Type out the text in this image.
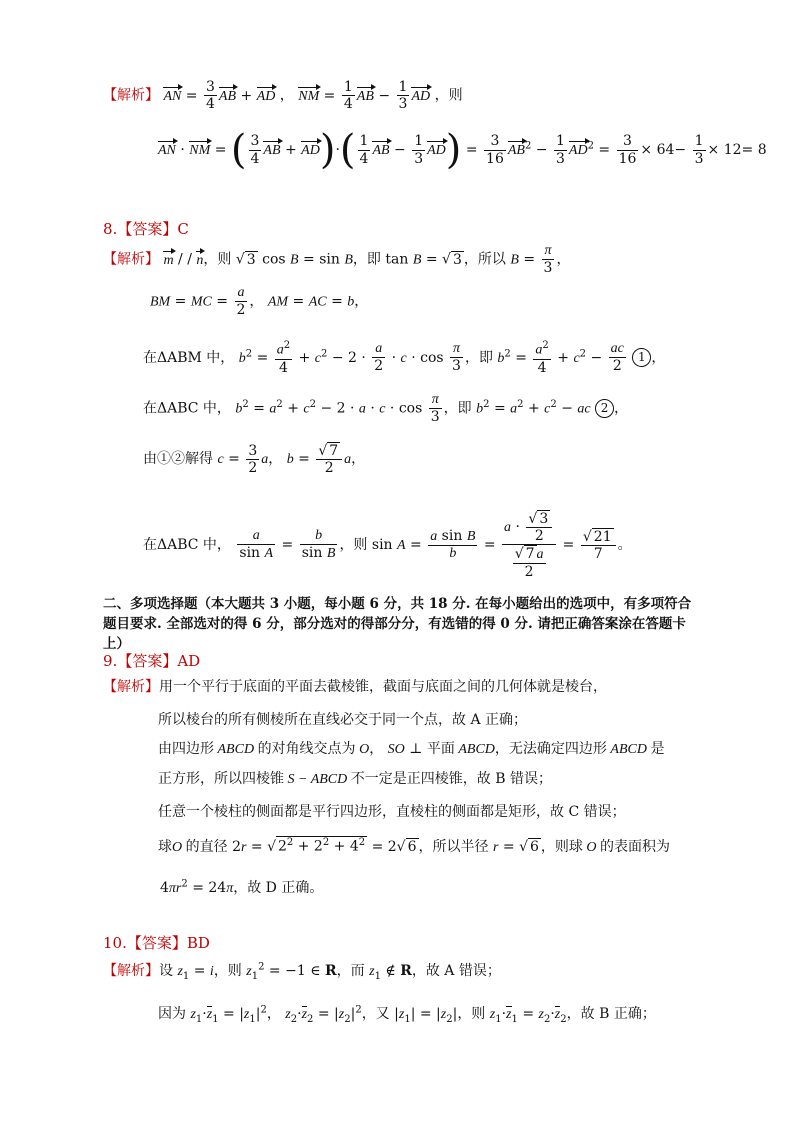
【解析】 AN = $\frac{3}{4}$ AB + AD ， NM = $\frac{1}{4}$ AB − $\frac{1}{3}$ AD ，则
AN · NM = ( $\frac{3}{4}$ AB + $AD)\cdot( \frac{1}{4}$ AB − $\frac{1}{3} AD) = \frac{3}{16} AB^2 - \frac{1}{3} AD^2 = \frac{3}{16} \times 64- \frac{1}{3} \times 12= 8$
8.【答案】C
【解析】 m / / n，则 √ 3 cos B = sin B，即 tan B = √ 3 ，所以 $B = \frac{\pi}{3}$ ，
BM = MC = $\frac{a}{2}$ ， AM = AC = b，
在ΔABM 中， $b^2 = \frac{a^2}{4} + c^2 - 2 \cdot \frac{a}{2} \cdot c \cdot \cos \frac{\pi}{3}$ ，即 $b^2 = \frac{a^2}{4} + c^2 - \frac{ac}{2} 1$ ，
在ΔABC 中， $b^2 = a^2 + c^2 - 2 \cdot a \cdot c \cdot \cos \frac{\pi}{3}$ ，即 $b^2 = a^2 + c^2$ − ac 2 ，
由①②解得 $c = \frac{3}{2}$ a， $b = \frac{√ 7}{2}$ a，
在ΔABC 中， $\frac{a}{\text{sin A}} = \frac{b}{\text{sin B}}$ ，则 $\sin A = \frac{\text{a sin B}}{b} = \frac{a \cdot \frac{√ 3}{2}}{\frac{√ 7 a}{2}} = \frac{√ 21}{7}$ 。
二、多项选择题（本大题共 3 小题，每小题 6 分，共 18 分. 在每小题给出的选项中，有多项符合题目要求. 全部选对的得 6 分，部分选对的得部分分，有选错的得 0 分. 请把正确答案涂在答题卡上）
9.【答案】AD
【解析】用一个平行于底面的平面去截棱锥，截面与底面之间的几何体就是棱台，
所以棱台的所有侧棱所在直线必交于同一个点，故 A 正确；
由四边形 ABCD 的对角线交点为 O， SO ⊥ 平面 ABCD，无法确定四边形 ABCD 是
正方形，所以四棱锥 S − ABCD 不一定是正四棱锥，故 B 错误；
任意一个棱柱的侧面都是平行四边形，直棱柱的侧面都是矩形，故 C 错误；
球O 的直径 2r = √ $2^2 + 2^2 + 4^2 = 2√$ 6 ，所以半径 r = √ 6 ，则球 O 的表面积为
$4\pi r^2 = 24\pi$，故 D 正确。
10.【答案】BD
【解析】设 $z_1 = i$，则 $z_1^2 = -1$ ∈ R，而 $z_1$ ∉ R，故 A 错误；
因为 $z_1\cdot z_1 = |z_1|^2$， $z_2\cdot z_2 = |z_2|^2$，又 $|z_1| = |z_2|$，则 $z_1\cdot z_1 = z_2\cdot z_2$，故 B 正确；
